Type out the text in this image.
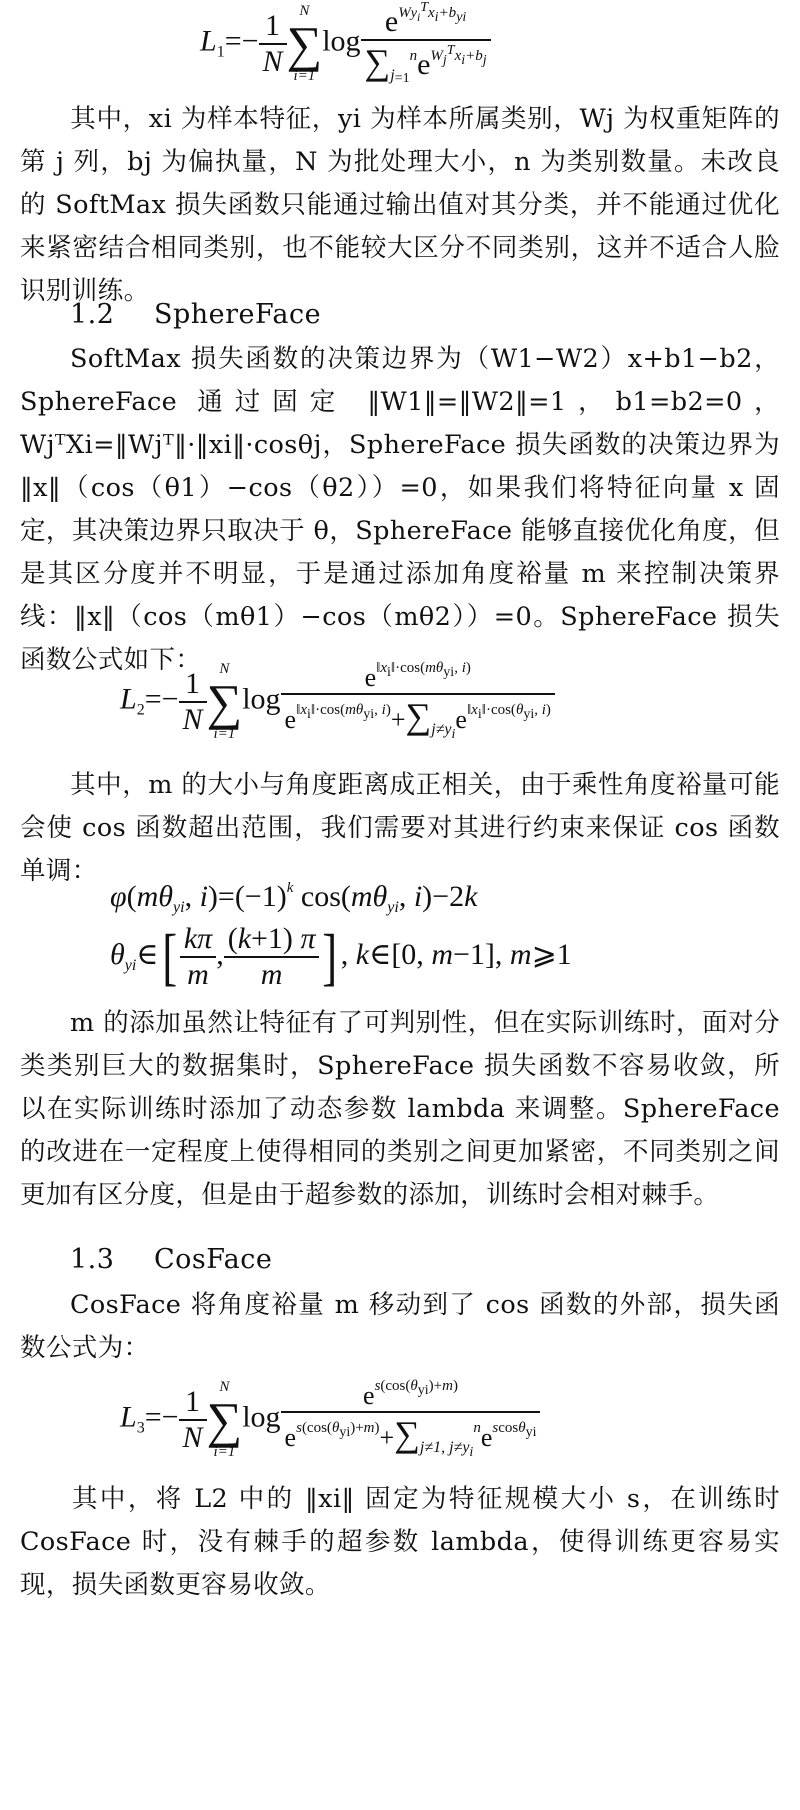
$L_1=- \frac{1}{N}$ N
∑
i=1
$\log \frac{e^{Wy_i^Tx_i+b_{yi}}}{\sum_{j=1}^ne^{W_j^Tx_i+b_j}}$

其中，xi 为样本特征，yi 为样本所属类别，Wj 为权重矩阵的第 j 列，bj 为偏执量，N 为批处理大小，n 为类别数量。未改良的 SoftMax 损失函数只能通过输出值对其分类，并不能通过优化来紧密结合相同类别，也不能较大区分不同类别，这并不适合人脸识别训练。

1.2 SphereFace

SoftMax 损失函数的决策边界为（W1−W2）x+b1−b2，SphereFace 通过固定 ‖W1‖=‖W2‖=1，b1=b2=0，WjᵀXi=‖Wjᵀ‖·‖xi‖·cosθj，SphereFace 损失函数的决策边界为 ‖x‖（cos（θ1）−cos（θ2））=0，如果我们将特征向量 x 固定，其决策边界只取决于 θ，SphereFace 能够直接优化角度，但是其区分度并不明显，于是通过添加角度裕量 m 来控制决策界线：‖x‖（cos（mθ1）−cos（mθ2））=0。SphereFace 损失函数公式如下：

$L_2=- \frac{1}{N}$ N
∑
i=1
$\log \frac{e^{‖x_i‖\cdot cos(m\theta_{yi}, i)}}{e^{‖x_i‖\cdot cos(m\theta_{yi}, i)}+\sum_{j\ne y_i}e^{‖x_i‖\cdot cos(\theta_{yi}, i)}}$

其中，m 的大小与角度距离成正相关，由于乘性角度裕量可能会使 cos 函数超出范围，我们需要对其进行约束来保证 cos 函数单调：

$\varphi(m\theta_{yi}$, $i)=(-1)^k$ $\cos(m\theta_{yi}$, i)−2k
$\theta_{yi}\in[ \frac{k\pi}{m}$ , $\frac{(k+1) \pi}{m}$ ] , k∈[0, m−1], m⩾1

m 的添加虽然让特征有了可判别性，但在实际训练时，面对分类类别巨大的数据集时，SphereFace 损失函数不容易收敛，所以在实际训练时添加了动态参数 lambda 来调整。SphereFace 的改进在一定程度上使得相同的类别之间更加紧密，不同类别之间更加有区分度，但是由于超参数的添加，训练时会相对棘手。

1.3 CosFace

CosFace 将角度裕量 m 移动到了 cos 函数的外部，损失函数公式为：

$L_3=- \frac{1}{N}$ N
∑
i=1
$\log \frac{e^{s(cos(\theta_{yi})+m)}}{e^{s(cos(\theta_{yi})+m)}+\sum_{j\ne 1, j\ne y_i}^ne^{scos\theta_{yi}}}$

其中，将 L2 中的 ‖xi‖ 固定为特征规模大小 s，在训练时 CosFace 时，没有棘手的超参数 lambda，使得训练更容易实现，损失函数更容易收敛。
